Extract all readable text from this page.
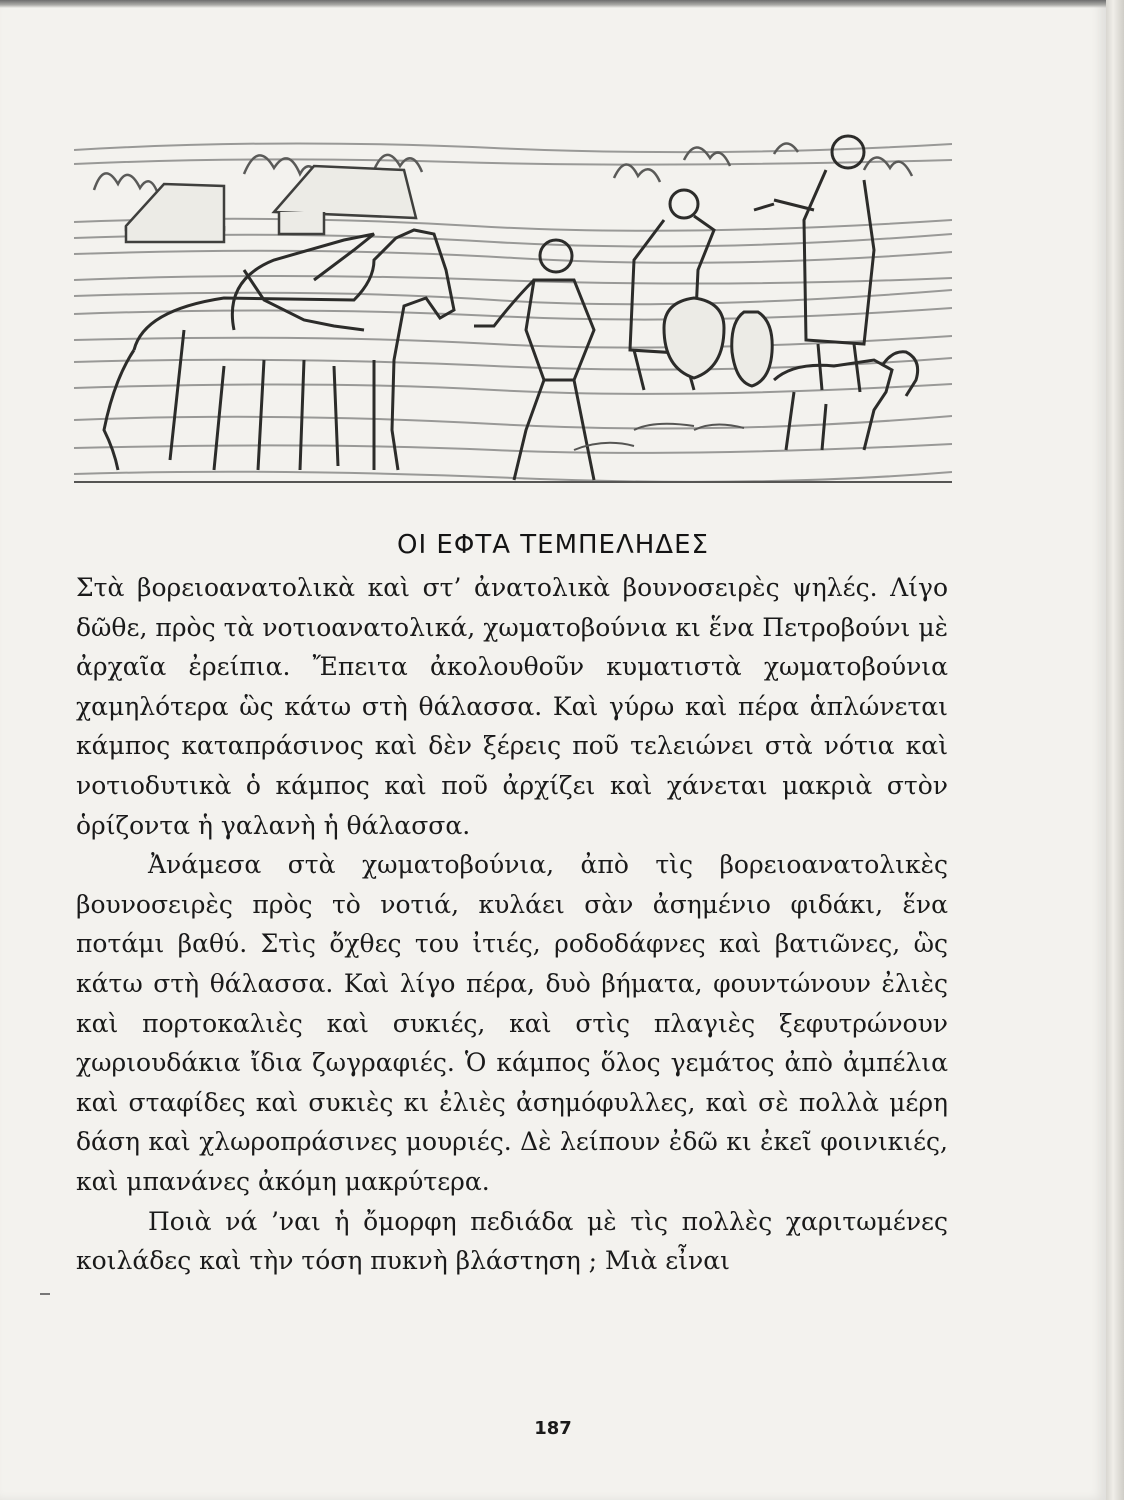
ΟΙ ΕΦΤΑ ΤΕΜΠΕΛΗΔΕΣ

Στὰ βορειοανατολικὰ καὶ στ’ ἀνατολικὰ βουνοσειρὲς ψηλές. Λίγο δῶθε, πρὸς τὰ νοτιοανατολικά, χωματοβούνια κι ἕνα Πετροβούνι μὲ ἀρχαῖα ἐρείπια. Ἔπειτα ἀκολουθοῦν κυματιστὰ χωματοβούνια χαμηλότερα ὣς κάτω στὴ θάλασσα. Καὶ γύρω καὶ πέρα ἁπλώνεται κάμπος καταπράσινος καὶ δὲν ξέρεις ποῦ τελειώνει στὰ νότια καὶ νοτιοδυτικὰ ὁ κάμπος καὶ ποῦ ἀρχίζει καὶ χάνεται μακριὰ στὸν ὁρίζοντα ἡ γαλανὴ ἡ θάλασσα.

Ἀνάμεσα στὰ χωματοβούνια, ἀπὸ τὶς βορειοανατολικὲς βουνοσειρὲς πρὸς τὸ νοτιά, κυλάει σὰν ἀσημένιο φιδάκι, ἕνα ποτάμι βαθύ. Στὶς ὄχθες του ἰτιές, ροδοδάφνες καὶ βατιῶνες, ὣς κάτω στὴ θάλασσα. Καὶ λίγο πέρα, δυὸ βήματα, φουντώνουν ἐλιὲς καὶ πορτοκαλιὲς καὶ συκιές, καὶ στὶς πλαγιὲς ξεφυτρώνουν χωριουδάκια ἴδια ζωγραφιές. Ὁ κάμπος ὅλος γεμάτος ἀπὸ ἀμπέλια καὶ σταφίδες καὶ συκιὲς κι ἐλιὲς ἀσημόφυλλες, καὶ σὲ πολλὰ μέρη δάση καὶ χλωροπράσινες μουριές. Δὲ λείπουν ἐδῶ κι ἐκεῖ φοινικιές, καὶ μπανάνες ἀκόμη μακρύτερα.

Ποιὰ νά ’ναι ἡ ὄμορφη πεδιάδα μὲ τὶς πολλὲς χαριτωμένες κοιλάδες καὶ τὴν τόση πυκνὴ βλάστηση ; Μιὰ εἶναι

187
